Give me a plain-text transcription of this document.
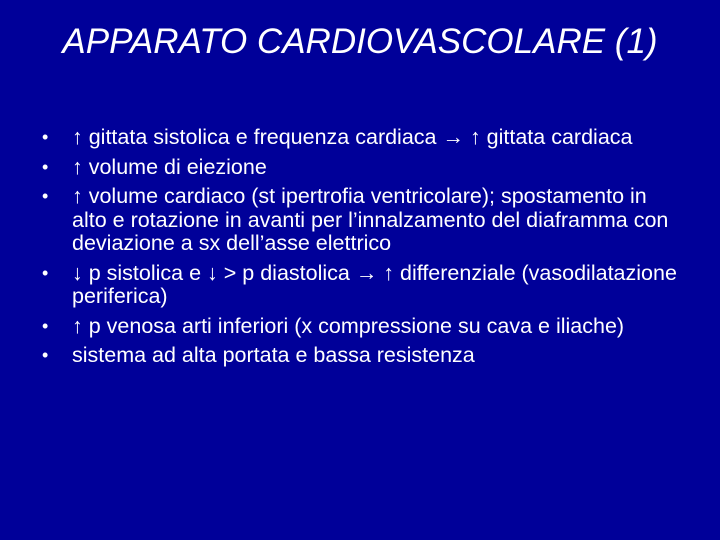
APPARATO CARDIOVASCOLARE (1)
• ↑ gittata sistolica e frequenza cardiaca → ↑ gittata cardiaca
• ↑ volume di eiezione
• ↑ volume cardiaco (st ipertrofia ventricolare); spostamento in alto e rotazione in avanti per l’innalzamento del diaframma con deviazione a sx dell’asse elettrico
• ↓ p sistolica e ↓ > p diastolica → ↑ differenziale (vasodilatazione periferica)
• ↑ p venosa arti inferiori (x compressione su cava e iliache)
• sistema ad alta portata e bassa resistenza
